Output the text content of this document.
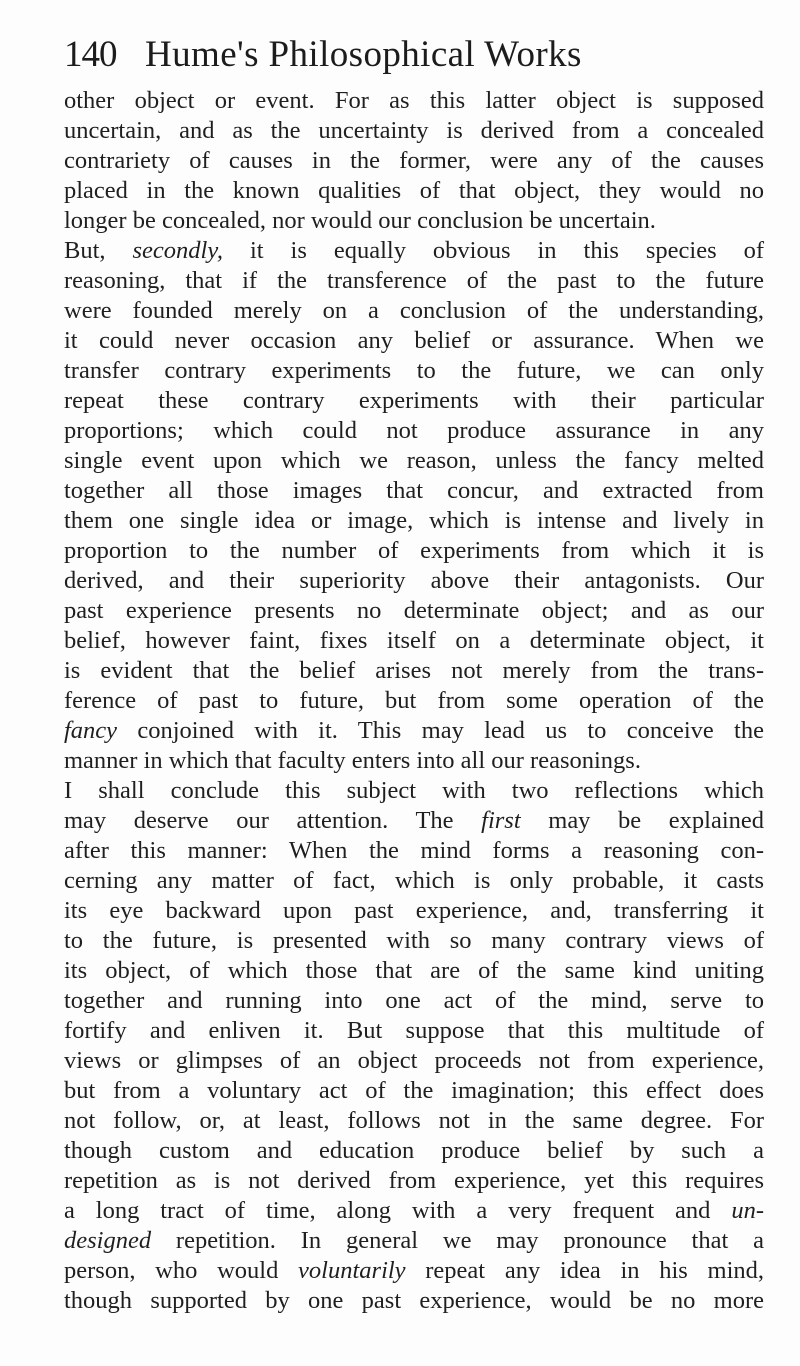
140 Hume's Philosophical Works
other object or event. For as this latter object is supposed
uncertain, and as the uncertainty is derived from a concealed
contrariety of causes in the former, were any of the causes
placed in the known qualities of that object, they would no
longer be concealed, nor would our conclusion be uncertain.
But, secondly, it is equally obvious in this species of
reasoning, that if the transference of the past to the future
were founded merely on a conclusion of the understanding,
it could never occasion any belief or assurance. When we
transfer contrary experiments to the future, we can only
repeat these contrary experiments with their particular
proportions; which could not produce assurance in any
single event upon which we reason, unless the fancy melted
together all those images that concur, and extracted from
them one single idea or image, which is intense and lively in
proportion to the number of experiments from which it is
derived, and their superiority above their antagonists. Our
past experience presents no determinate object; and as our
belief, however faint, fixes itself on a determinate object, it
is evident that the belief arises not merely from the trans-
ference of past to future, but from some operation of the
fancy conjoined with it. This may lead us to conceive the
manner in which that faculty enters into all our reasonings.
I shall conclude this subject with two reflections which
may deserve our attention. The first may be explained
after this manner: When the mind forms a reasoning con-
cerning any matter of fact, which is only probable, it casts
its eye backward upon past experience, and, transferring it
to the future, is presented with so many contrary views of
its object, of which those that are of the same kind uniting
together and running into one act of the mind, serve to
fortify and enliven it. But suppose that this multitude of
views or glimpses of an object proceeds not from experience,
but from a voluntary act of the imagination; this effect does
not follow, or, at least, follows not in the same degree. For
though custom and education produce belief by such a
repetition as is not derived from experience, yet this requires
a long tract of time, along with a very frequent and un-
designed repetition. In general we may pronounce that a
person, who would voluntarily repeat any idea in his mind,
though supported by one past experience, would be no more
